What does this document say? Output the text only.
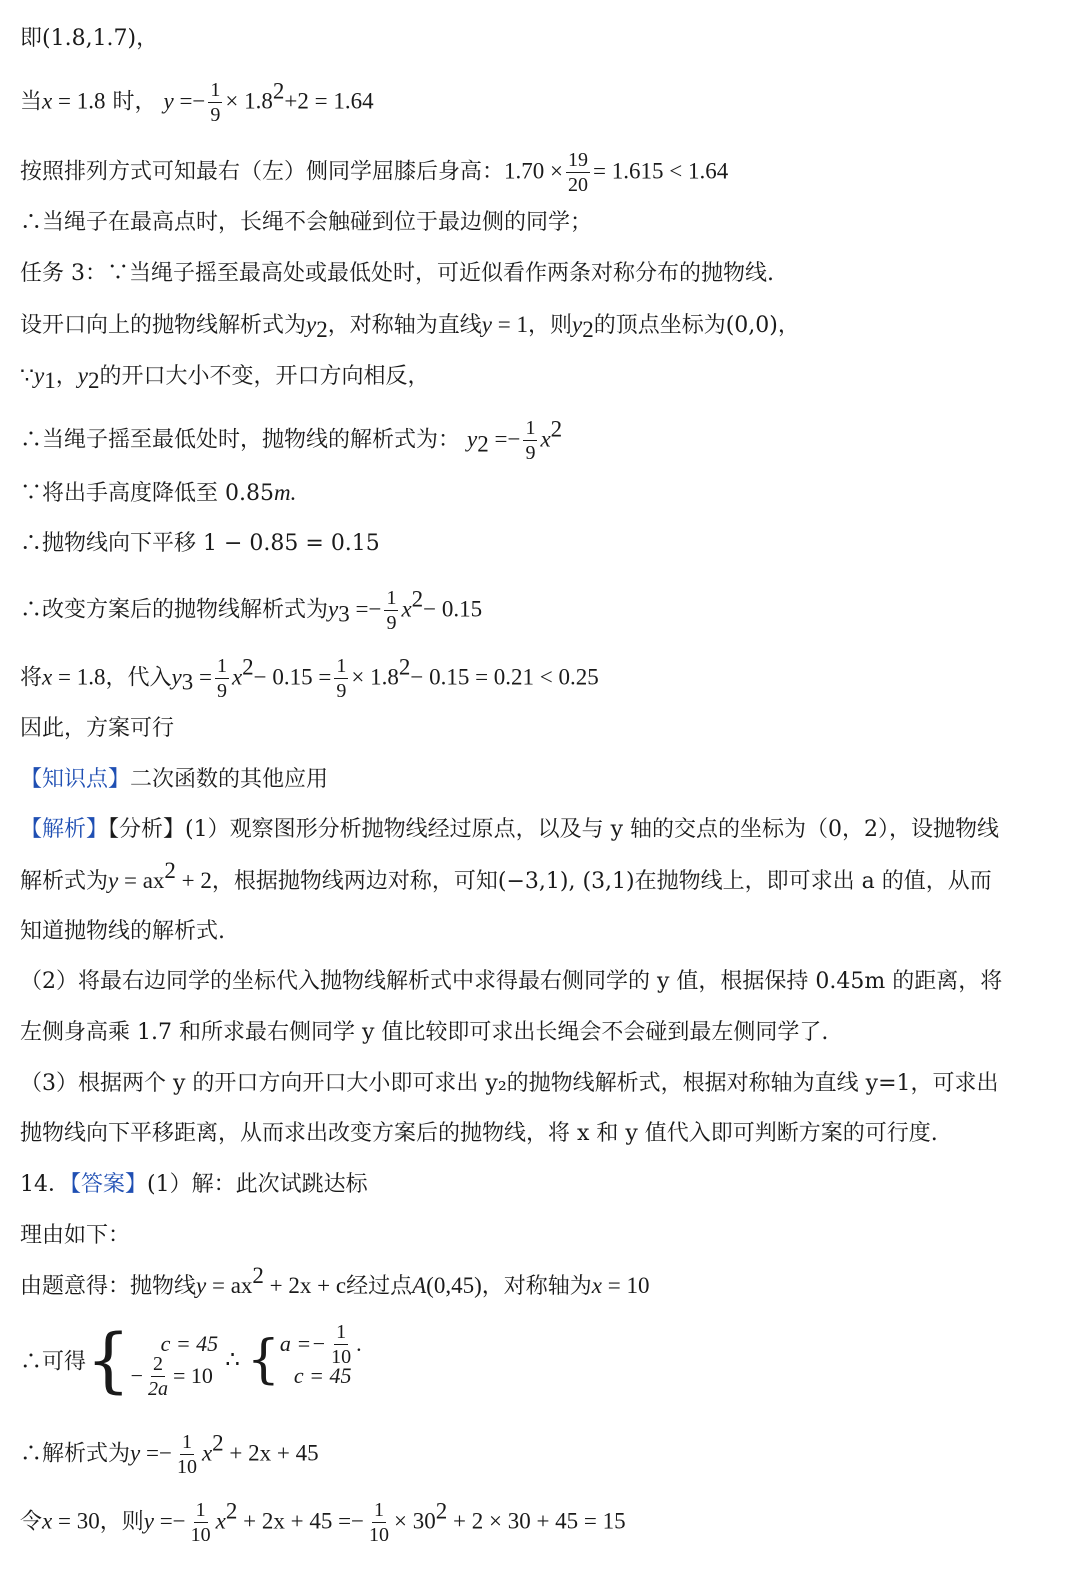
即(1.8,1.7)，
当x = 1.8 时， $y =- \frac{1}{9} \times 1.8^2+2 = 1.64$
按照排列方式可知最右（左）侧同学屈膝后身高：$1.70 \times \frac{19}{20} = 1.615 < 1.64$
∴当绳子在最高点时，长绳不会触碰到位于最边侧的同学；
任务 3：∵当绳子摇至最高处或最低处时，可近似看作两条对称分布的抛物线.
设开口向上的抛物线解析式为$y_2$，对称轴为直线y = 1，则$y_2$的顶点坐标为(0,0)，
$\because y_1$，$y_2$的开口大小不变，开口方向相反，
∴当绳子摇至最低处时，抛物线的解析式为： $y_2 =- \frac{1}{9} x^2$
∵将出手高度降低至 0.85m.
∴抛物线向下平移 1 − 0.85 = 0.15
∴改变方案后的抛物线解析式为$y_3 =- \frac{1}{9} x^2- 0.15$
将x = 1.8，代入$y_3 = \frac{1}{9} x^2- 0.15 = \frac{1}{9} \times 1.8^2- 0.15 = 0.21 < 0.25$
因此，方案可行
【知识点】二次函数的其他应用
【解析】【分析】(1）观察图形分析抛物线经过原点，以及与 y 轴的交点的坐标为（0，2），设抛物线
解析式为$y = ax^2 + 2$，根据抛物线两边对称，可知(−3,1), (3,1)在抛物线上，即可求出 a 的值，从而
知道抛物线的解析式.
（2）将最右边同学的坐标代入抛物线解析式中求得最右侧同学的 y 值，根据保持 0.45m 的距离，将
左侧身高乘 1.7 和所求最右侧同学 y 值比较即可求出长绳会不会碰到最左侧同学了.
（3）根据两个 y 的开口方向开口大小即可求出 y₂的抛物线解析式，根据对称轴为直线 y=1，可求出
抛物线向下平移距离，从而求出改变方案后的抛物线，将 x 和 y 值代入即可判断方案的可行度.
14．【答案】(1）解：此次试跳达标
理由如下：
由题意得：抛物线$y = ax^2 + 2x + c$经过点A(0,45)，对称轴为x = 10
∴可得{ c = 45
− $\frac{2}{2a} = 10$
∴ { $a =- \frac{1}{10}$ .
c = 45
∴解析式为$y =- \frac{1}{10} x^2 + 2x + 45$
令x = 30，则$y =- \frac{1}{10} x^2 + 2x + 45 =- \frac{1}{10} \times 30^2 + 2 \times 30 + 45 = 15$
